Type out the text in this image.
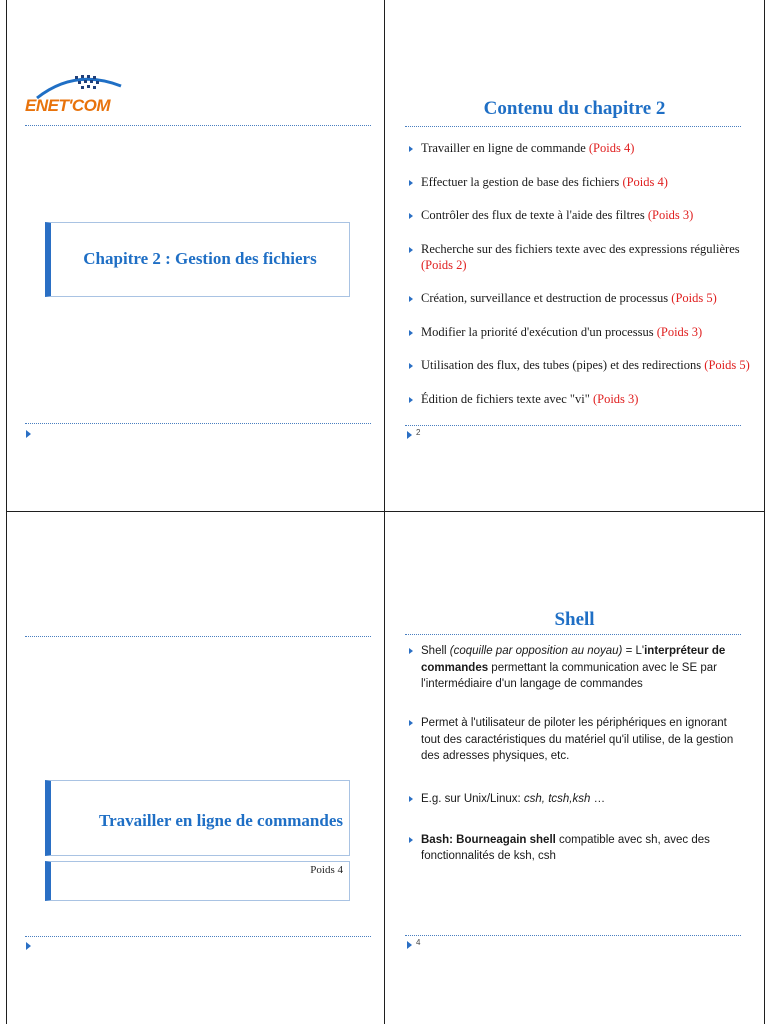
ENET'COM
Chapitre 2 : Gestion des fichiers
Contenu du chapitre 2
Travailler en ligne de commande (Poids 4)
Effectuer la gestion de base des fichiers (Poids 4)
Contrôler des flux de texte à l'aide des filtres (Poids 3)
Recherche sur des fichiers texte avec des expressions régulières (Poids 2)
Création, surveillance et destruction de processus (Poids 5)
Modifier la priorité d'exécution d'un processus (Poids 3)
Utilisation des flux, des tubes (pipes) et des redirections (Poids 5)
Édition de fichiers texte avec "vi" (Poids 3)
2
Travailler en ligne de commandes
Poids 4
Shell
Shell (coquille par opposition au noyau) = L'interpréteur de commandes permettant la communication avec le SE par l'intermédiaire d'un langage de commandes
Permet à l'utilisateur de piloter les périphériques en ignorant tout des caractéristiques du matériel qu'il utilise, de la gestion des adresses physiques, etc.
E.g. sur Unix/Linux: csh, tcsh,ksh …
Bash: Bourneagain shell compatible avec sh, avec des fonctionnalités de ksh, csh
4
